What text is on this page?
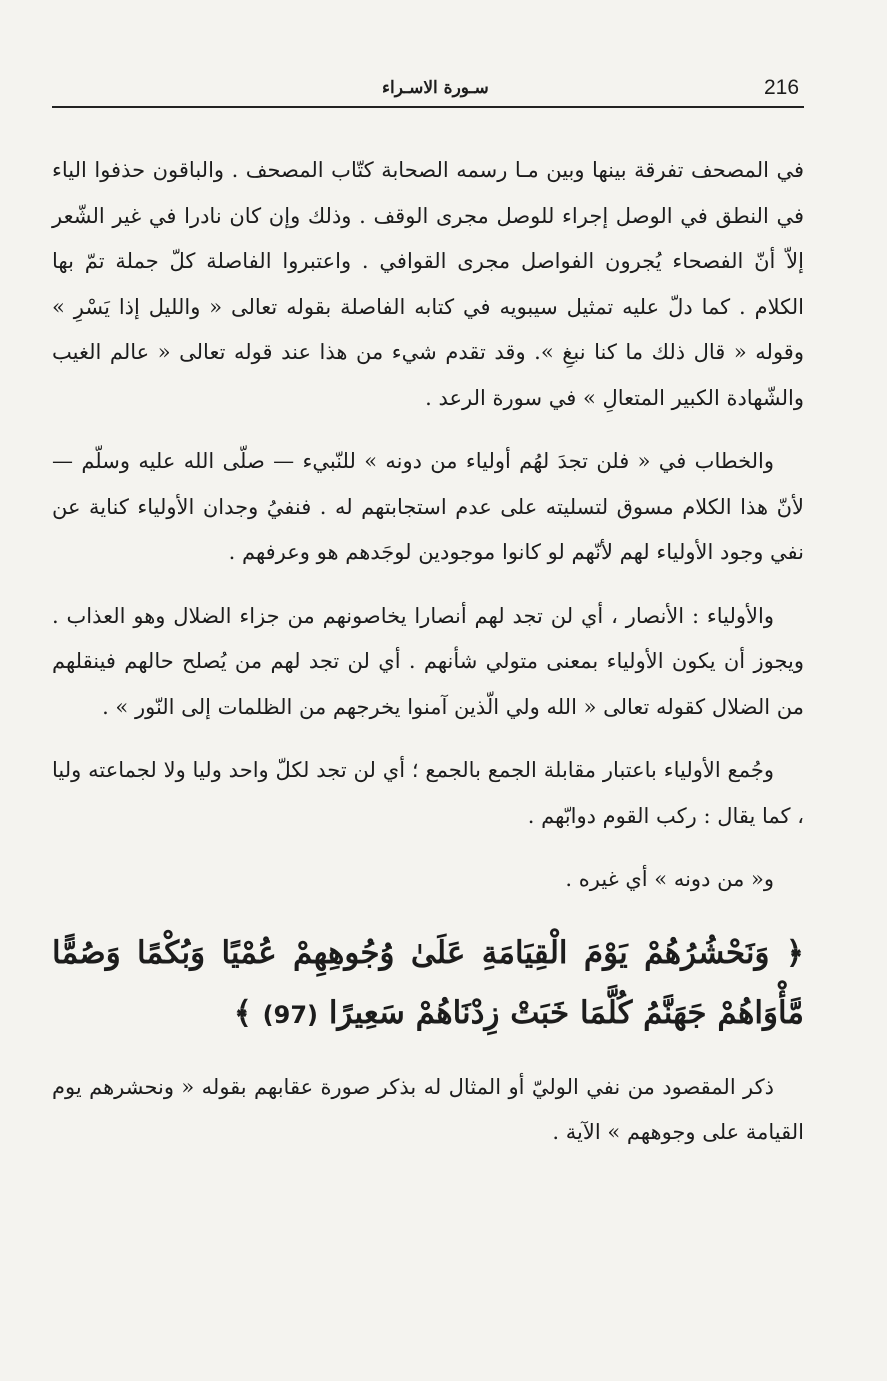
216
سـورة الاسـراء

في المصحف تفرقة بينها وبين مـا رسمه الصحابة كتّاب المصحف . والباقون حذفوا الياء في النطق في الوصل إجراء للوصل مجرى الوقف . وذلك وإن كان نادرا في غير الشّعر إلاّ أنّ الفصحاء يُجرون الفواصل مجرى القوافي . واعتبروا الفاصلة كلّ جملة تمّ بها الكلام . كما دلّ عليه تمثيل سيبويه في كتابه الفاصلة بقوله تعالى « والليل إذا يَسْرِ » وقوله « قال ذلك ما كنا نبغِ ». وقد تقدم شيء من هذا عند قوله تعالى « عالم الغيب والشّهادة الكبير المتعالِ » في سورة الرعد .

والخطاب في « فلن تجدَ لهُم أولياء من دونه » للنّبيء — صلّى الله عليه وسلّم — لأنّ هذا الكلام مسوق لتسليته على عدم استجابتهم له . فنفيُ وجدان الأولياء كناية عن نفي وجود الأولياء لهم لأنّهم لو كانوا موجودين لوجَدهم هو وعرفهم .

والأولياء : الأنصار ، أي لن تجد لهم أنصارا يخاصونهم من جزاء الضلال وهو العذاب . ويجوز أن يكون الأولياء بمعنى متولي شأنهم . أي لن تجد لهم من يُصلح حالهم فينقلهم من الضلال كقوله تعالى « الله ولي الّذين آمنوا يخرجهم من الظلمات إلى النّور » .

وجُمع الأولياء باعتبار مقابلة الجمع بالجمع ؛ أي لن تجد لكلّ واحد وليا ولا لجماعته وليا ، كما يقال : ركب القوم دوابّهم .

و« من دونه » أي غيره .

﴿ وَنَحْشُرُهُمْ يَوْمَ الْقِيَامَةِ عَلَىٰ وُجُوهِهِمْ عُمْيًا وَبُكْمًا وَصُمًّا مَّأْوَاهُمْ جَهَنَّمُ كُلَّمَا خَبَتْ زِدْنَاهُمْ سَعِيرًا (97) ﴾

ذكر المقصود من نفي الوليّ أو المثال له بذكر صورة عقابهم بقوله « ونحشرهم يوم القيامة على وجوههم » الآية .
